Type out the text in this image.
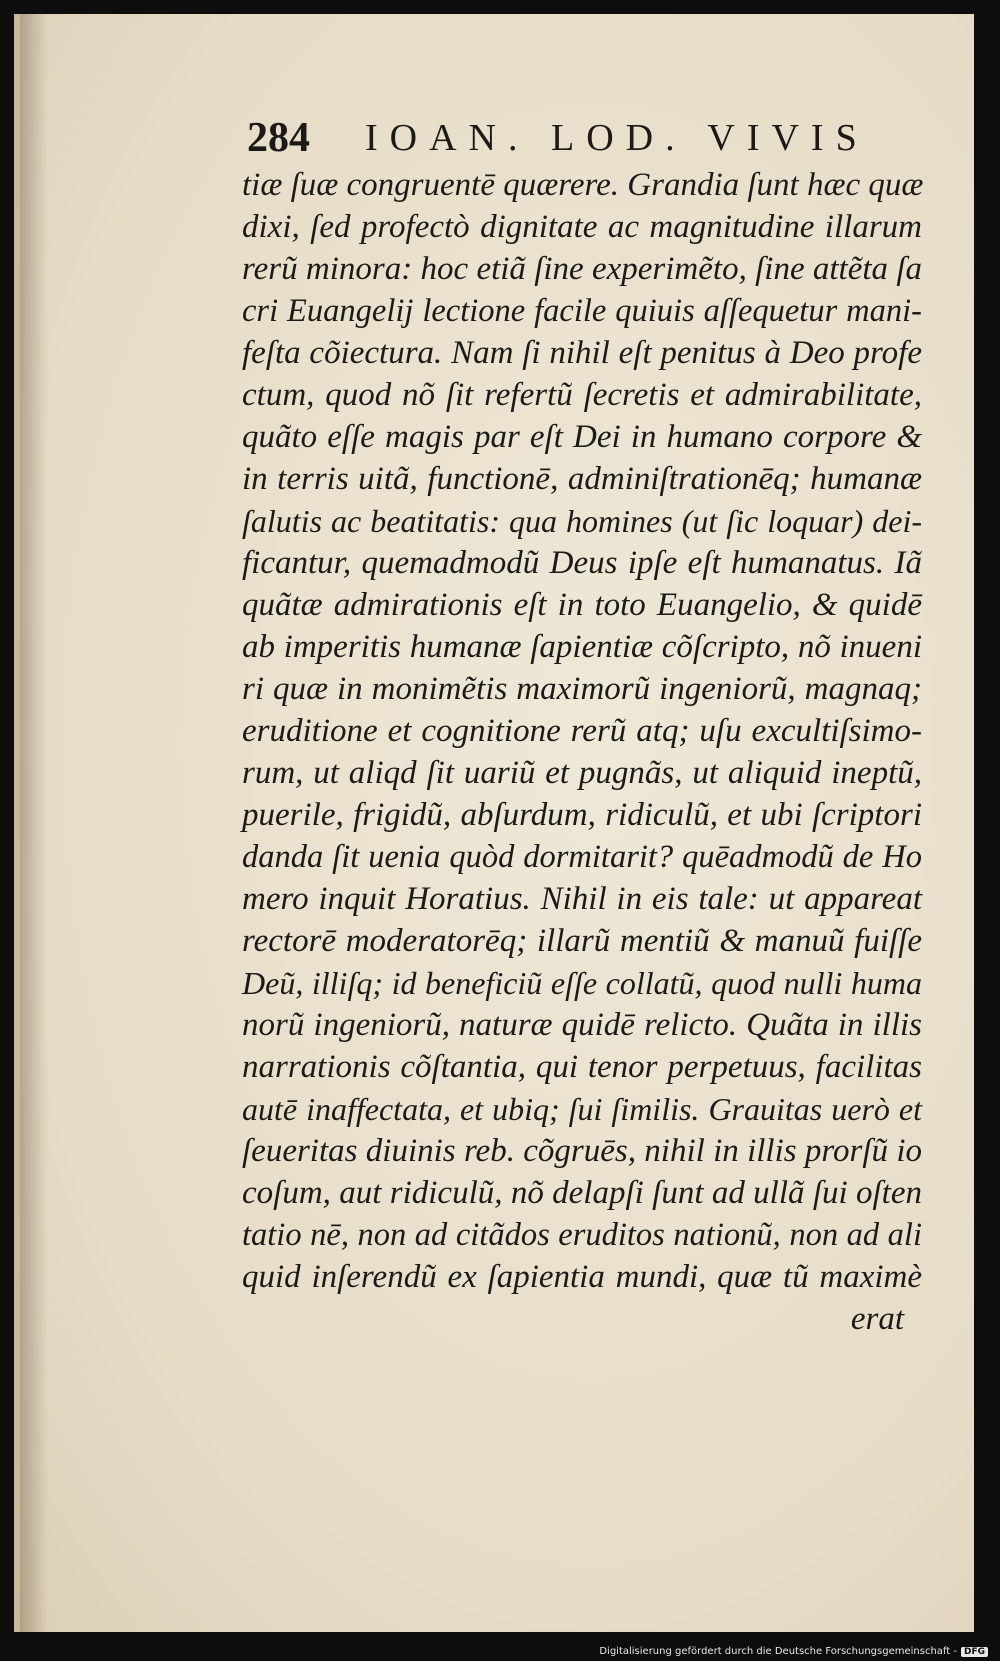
284 IOAN. LOD. VIVIS
tiæ ſuæ congruentē quærere. Grandia ſunt hæc quæ
dixi, ſed profectò dignitate ac magnitudine illarum
rerũ minora: hoc etiã ſine experimẽto, ſine attẽta ſa
cri Euangelij lectione facile quiuis aſſequetur mani-
feſta cõiectura. Nam ſi nihil eſt penitus à Deo profe
ctum, quod nõ ſit refertũ ſecretis et admirabilitate,
quãto eſſe magis par eſt Dei in humano corpore &
in terris uitã, functionē, adminiſtrationēq; humanæ
ſalutis ac beatitatis: qua homines (ut ſic loquar) dei-
ficantur, quemadmodũ Deus ipſe eſt humanatus. Iã
quãtæ admirationis eſt in toto Euangelio, & quidē
ab imperitis humanæ ſapientiæ cõſcripto, nõ inueni
ri quæ in monimẽtis maximorũ ingeniorũ, magnaq;
eruditione et cognitione rerũ atq; uſu excultiſsimo-
rum, ut aliqd ſit uariũ et pugnãs, ut aliquid ineptũ,
puerile, frigidũ, abſurdum, ridiculũ, et ubi ſcriptori
danda ſit uenia quòd dormitarit? quēadmodũ de Ho
mero inquit Horatius. Nihil in eis tale: ut appareat
rectorē moderatorēq; illarũ mentiũ & manuũ fuiſſe
Deũ, illiſq; id beneficiũ eſſe collatũ, quod nulli huma
norũ ingeniorũ, naturæ quidē relicto. Quãta in illis
narrationis cõſtantia, qui tenor perpetuus, facilitas
autē inaffectata, et ubiq; ſui ſimilis. Grauitas uerò et
ſeueritas diuinis reb. cõgruēs, nihil in illis prorſũ io
coſum, aut ridiculũ, nõ delapſi ſunt ad ullã ſui oſten
tatio nē, non ad citãdos eruditos nationũ, non ad ali
quid inſerendũ ex ſapientia mundi, quæ tũ maximè
erat
Digitalisierung gefördert durch die Deutsche Forschungsgemeinschaft - DFG
